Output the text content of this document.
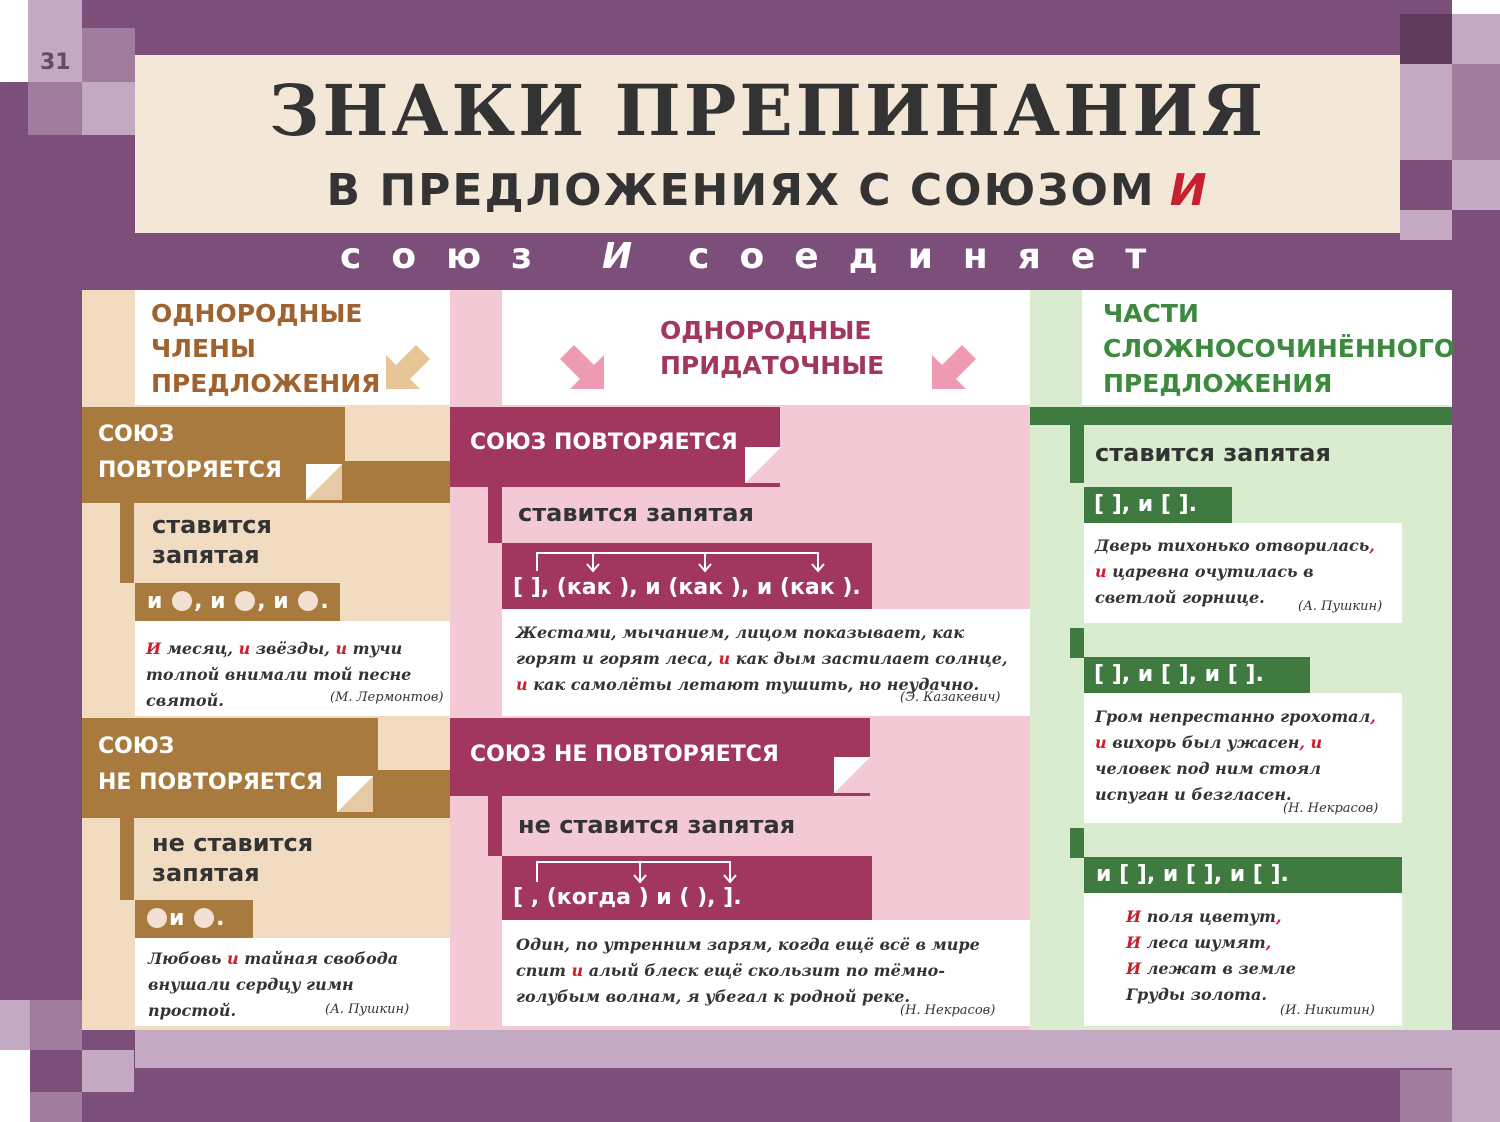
31
ЗНАКИ ПРЕПИНАНИЯ
В ПРЕДЛОЖЕНИЯХ С СОЮЗОМ И
союз И соединяет
ОДНОРОДНЫЕ
ЧЛЕНЫ
ПРЕДЛОЖЕНИЯ
СОЮЗ
ПОВТОРЯЕТСЯ
ставится
запятая
и , и , и .
И месяц, и звёзды, и тучи толпой внимали той песне святой.	(М. Лермонтов)
СОЮЗ
НЕ ПОВТОРЯЕТСЯ
не ставится
запятая
и .
Любовь и тайная свобода внушали сердцу гимн простой.	(А. Пушкин)
ОДНОРОДНЫЕ
ПРИДАТОЧНЫЕ
СОЮЗ ПОВТОРЯЕТСЯ
ставится запятая
[ ], (как ), и (как ), и (как ).
Жестами, мычанием, лицом показывает, как горят и горят леса, и как дым застилает солнце, и как самолёты летают тушить, но неудачно.
(Э. Казакевич)
СОЮЗ НЕ ПОВТОРЯЕТСЯ
не ставится запятая
[ , (когда ) и ( ), ].
Один, по утренним зарям, когда ещё всё в мире спит и алый блеск ещё скользит по тёмно-голубым волнам, я убегал к родной реке.
(Н. Некрасов)
ЧАСТИ
СЛОЖНОСОЧИНЁННОГО
ПРЕДЛОЖЕНИЯ
ставится запятая
[ ], и [ ].
Дверь тихонько отворилась, и царевна очутилась в светлой горнице.	(А. Пушкин)
[ ], и [ ], и [ ].
Гром непрестанно грохотал, и вихорь был ужасен, и человек под ним стоял испуган и безгласен.
(Н. Некрасов)
и [ ], и [ ], и [ ].
И поля цветут,
И леса шумят,
И лежат в земле
Груды золота.
(И. Никитин)
